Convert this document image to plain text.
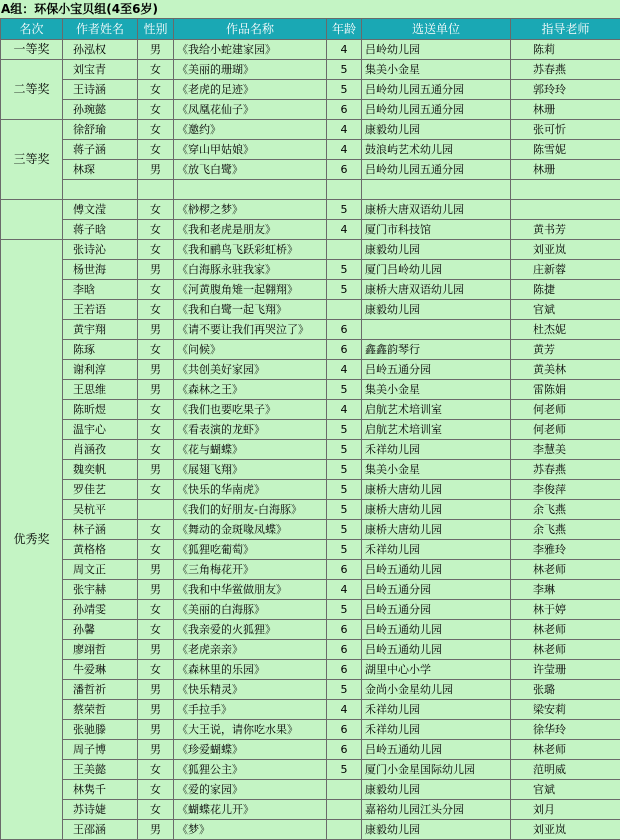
A组：环保小宝贝组(4至6岁)
名次	作者姓名	性别	作品名称	年龄	选送单位	指导老师
一等奖	孙泓权	男	《我给小蛇建家园》	4	吕岭幼儿园	陈莉
二等奖	刘宝青	女	《美丽的珊瑚》	5	集美小金星	苏春燕
	王诗涵	女	《老虎的足迹》	5	吕岭幼儿园五通分园	郭玲玲
	孙琬懿	女	《凤凰花仙子》	6	吕岭幼儿园五通分园	林珊
三等奖	徐舒瑜	女	《邀约》	4	康毅幼儿园	张可忻
	蒋子涵	女	《穿山甲姑娘》	4	鼓浪屿艺术幼儿园	陈雪妮
	林琛	男	《放飞白鹭》	6	吕岭幼儿园五通分园	林珊

	傅文滢	女	《桫椤之梦》	5	康桥大唐双语幼儿园	
	蒋子晗	女	《我和老虎是朋友》	4	厦门市科技馆	黄书芳
优秀奖	张诗沁	女	《我和鹂鸟飞跃彩虹桥》		康毅幼儿园	刘亚岚
	杨世海	男	《白海豚永驻我家》	5	厦门吕岭幼儿园	庄新蓉
	李晗	女	《河黄腹角雉一起翱翔》	5	康桥大唐双语幼儿园	陈捷
	王若语	女	《我和白鹭一起飞翔》		康毅幼儿园	官斌
	黄宇翔	男	《请不要让我们再哭泣了》	6		杜杰妮
	陈琢	女	《问候》	6	鑫鑫韵琴行	黄芳
	谢利淳	男	《共创美好家园》	4	吕岭五通分园	黄美林
	王思维	男	《森林之王》	5	集美小金星	雷陈娟
	陈昕煜	女	《我们也要吃果子》	4	启航艺术培训室	何老师
	温宇心	女	《看表演的龙虾》	5	启航艺术培训室	何老师
	肖涵孜	女	《花与蝴蝶》	5	禾祥幼儿园	李慧美
	魏奕帆	男	《展翅飞翔》	5	集美小金星	苏春燕
	罗佳艺	女	《快乐的华南虎》	5	康桥大唐幼儿园	李俊萍
	吴杭平		《我们的好朋友-白海豚》	5	康桥大唐幼儿园	余飞燕
	林子涵	女	《舞动的金斑喙凤蝶》	5	康桥大唐幼儿园	余飞燕
	黄格格	女	《狐狸吃葡萄》	5	禾祥幼儿园	李雅玲
	周文正	男	《三角梅花开》	6	吕岭五通幼儿园	林老师
	张宇赫	男	《我和中华鲎做朋友》	4	吕岭五通分园	李琳
	孙靖雯	女	《美丽的白海豚》	5	吕岭五通分园	林于婷
	孙馨	女	《我亲爱的火狐狸》	6	吕岭五通幼儿园	林老师
	廖翊哲	男	《老虎亲亲》	6	吕岭五通幼儿园	林老师
	牛爱琳	女	《森林里的乐园》	6	湖里中心小学	许莹珊
	潘哲祈	男	《快乐精灵》	5	金尚小金星幼儿园	张璐
	蔡荣哲	男	《手拉手》	4	禾祥幼儿园	梁安莉
	张驰滕	男	《大王说，请你吃水果》	6	禾祥幼儿园	徐华玲
	周子博	男	《珍爱蝴蝶》	6	吕岭五通幼儿园	林老师
	王美懿	女	《狐狸公主》	5	厦门小金星国际幼儿园	范明威
	林隽千	女	《爱的家园》		康毅幼儿园	官斌
	苏诗婕	女	《蝴蝶花儿开》		嘉裕幼儿园江头分园	刘月
	王邵涵	男	《梦》		康毅幼儿园	刘亚岚
